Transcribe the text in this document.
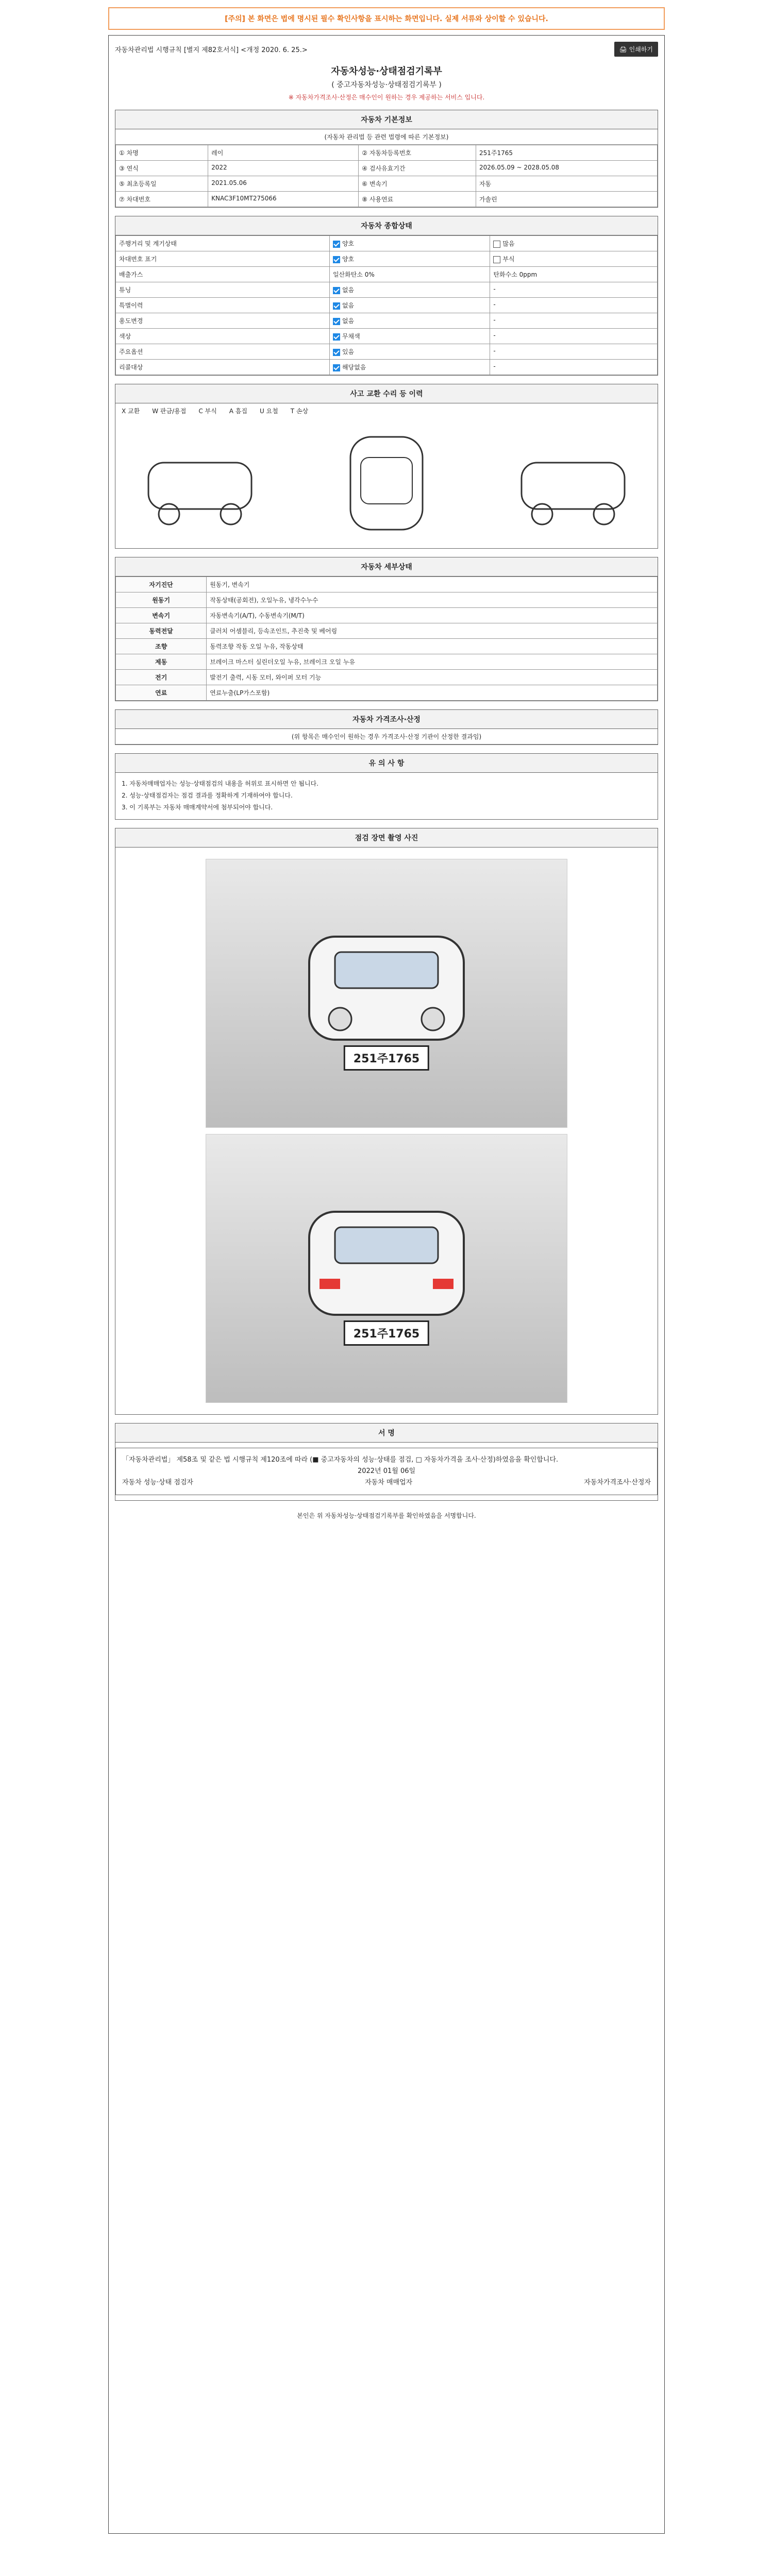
[주의] 본 화면은 법에 명시된 필수 확인사항을 표시하는 화면입니다. 실제 서류와 상이할 수 있습니다.
자동차관리법 시행규칙 [별지 제82호서식] <개정 2020. 6. 25.>	🖨 인쇄하기
자동차성능·상태점검기록부
( 중고자동차성능·상태점검기록부 )
※ 자동차가격조사·산정은 매수인이 원하는 경우 제공하는 서비스 입니다.
자동차 기본정보
(자동차 관리법 등 관련 법령에 따른 기본정보)
① 차명	레이	② 자동차등록번호	251주1765
③ 연식	2022	④ 검사유효기간	2026.05.09 ~ 2028.05.08
⑤ 최초등록일	2021.05.06	⑥ 변속기	자동
⑦ 차대번호	KNAC3F10MT275066	⑧ 사용연료	가솔린
자동차 종합상태
주행거리 및 계기상태	양호	많음
차대번호 표기	양호	부식
배출가스	일산화탄소 0%	탄화수소 0ppm
튜닝	없음	-
특별이력	없음	-
용도변경	없음	-
색상	무채색	-
주요옵션	있음	-
리콜대상	해당없음	-
사고 교환 수리 등 이력
X 교환 W 판금/용접 C 부식 A 흠집 U 요철 T 손상
자동차 세부상태
자기진단	원동기, 변속기
원동기	작동상태(공회전), 오일누유, 냉각수누수
변속기	자동변속기(A/T), 수동변속기(M/T)
동력전달	클러치 어셈블리, 등속조인트, 추진축 및 베어링
조향	동력조향 작동 오일 누유, 작동상태
제동	브레이크 마스터 실린더오일 누유, 브레이크 오일 누유
전기	발전기 출력, 시동 모터, 와이퍼 모터 기능
연료	연료누출(LP가스포함)
자동차 가격조사·산정
(위 항목은 매수인이 원하는 경우 가격조사·산정 기관이 산정한 결과임)
유 의 사 항

1. 자동차매매업자는 성능·상태점검의 내용을 허위로 표시하면 안 됩니다.

2. 성능·상태점검자는 점검 결과를 정확하게 기재하여야 합니다.

3. 이 기록부는 자동차 매매계약서에 첨부되어야 합니다.

점검 장면 촬영 사진
251주1765
251주1765
서 명
「자동차관리법」 제58조 및 같은 법 시행규칙 제120조에 따라 (■ 중고자동차의 성능·상태를 점검, □ 자동차가격을 조사·산정)하였음을 확인합니다.
2022년 01월 06일
자동차 성능·상태 점검자	자동차 매매업자	자동차가격조사·산정자
본인은 위 자동차성능·상태점검기록부를 확인하였음을 서명합니다.
